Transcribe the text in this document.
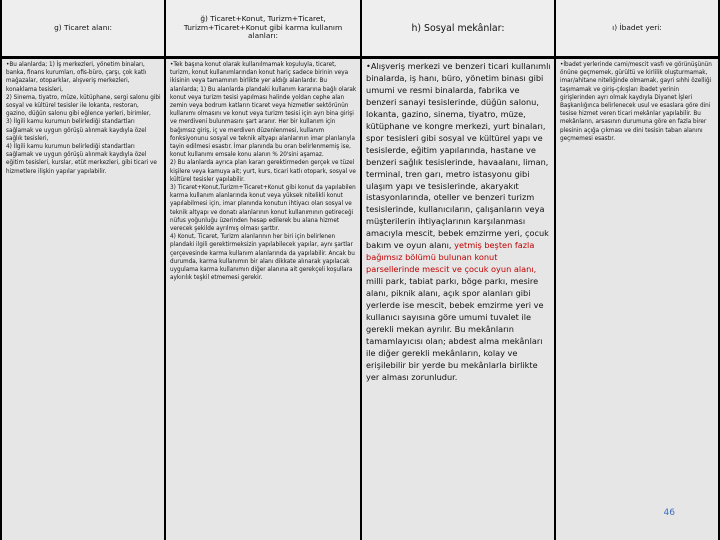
g) Ticaret alanı:

•Bu alanlarda; 1) İş merkezleri, yönetim binaları, banka, finans kurumları, ofis-büro, çarşı, çok katlı mağazalar, otoparklar, alışveriş merkezleri, konaklama tesisleri,
2) Sinema, tiyatro, müze, kütüphane, sergi salonu gibi sosyal ve kültürel tesisler ile lokanta, restoran, gazino, düğün salonu gibi eğlence yerleri, birimler,
3) İlgili kamu kurumun belirlediği standartları sağlamak ve uygun görüşü alınmak kaydıyla özel sağlık tesisleri,
4) İlgili kamu kurumun belirlediği standartları sağlamak ve uygun görüşü alınmak kaydıyla özel eğitim tesisleri, kurslar, etüt merkezleri, gibi ticari ve hizmetlere ilişkin yapılar yapılabilir.

ğ) Ticaret+Konut, Turizm+Ticaret, Turizm+Ticaret+Konut gibi karma kullanım alanları:

•Tek başına konut olarak kullanılmamak koşuluyla, ticaret, turizm, konut kullanımlarından konut hariç sadece birinin veya ikisinin veya tamamının birlikte yer aldığı alanlardır. Bu alanlarda; 1) Bu alanlarda plandaki kullanım kararına bağlı olarak konut veya turizm tesisi yapılması halinde yoldan cephe alan zemin veya bodrum katların ticaret veya hizmetler sektörünün kullanımı olmasını ve konut veya turizm tesisi için ayrı bina girişi ve merdiveni bulunmasını şart aranır. Her bir kullanım için bağımsız giriş, iç ve merdiven düzenlenmesi, kullanım fonksiyonunu sosyal ve teknik altyapı alanlarının imar planlarıyla tayin edilmesi esastır. İmar planında bu oran belirlenmemiş ise, konut kullanımı emsale konu alanın % 20'sini aşamaz.
2) Bu alanlarda ayrıca plan kararı gerektirmeden gerçek ve tüzel kişilere veya kamuya ait; yurt, kurs, ticari katlı otopark, sosyal ve kültürel tesisler yapılabilir.
3) Ticaret+Konut,Turizm+Ticaret+Konut gibi konut da yapılabilen karma kullanım alanlarında konut veya yüksek nitelikli konut yapılabilmesi için, imar planında konutun ihtiyacı olan sosyal ve teknik altyapı ve donatı alanlarının konut kullanımının getireceği nüfus yoğunluğu üzerinden hesap edilerek bu alana hizmet verecek şekilde ayrılmış olması şarttır.
4) Konut, Ticaret, Turizm alanlarının her biri için belirlenen plandaki ilgili gerektirmeksizin yapılabilecek yapılar, aynı şartlar çerçevesinde karma kullanım alanlarında da yapılabilir. Ancak bu durumda, karma kullanımın bir alanı dikkate alınarak yapılacak uygulama karma kullanımın diğer alanına ait gerekçeli koşullara aykırılık teşkil etmemesi gerekir.

h) Sosyal mekânlar:

•Alışveriş merkezi ve benzeri ticari kullanımlı binalarda, iş hanı, büro, yönetim binası gibi umumi ve resmi binalarda, fabrika ve benzeri sanayi tesislerinde, düğün salonu, lokanta, gazino, sinema, tiyatro, müze, kütüphane ve kongre merkezi, yurt binaları, spor tesisleri gibi sosyal ve kültürel yapı ve tesislerde, eğitim yapılarında, hastane ve benzeri sağlık tesislerinde, havaalanı, liman, terminal, tren garı, metro istasyonu gibi ulaşım yapı ve tesislerinde, akaryakıt istasyonlarında, oteller ve benzeri turizm tesislerinde, kullanıcıların, çalışanların veya müşterilerin ihtiyaçlarının karşılanması amacıyla mescit, bebek emzirme yeri, çocuk bakım ve oyun alanı, yetmiş beşten fazla bağımsız bölümü bulunan konut parsellerinde mescit ve çocuk oyun alanı, milli park, tabiat parkı, böge parkı, mesire alanı, piknik alanı, açık spor alanları gibi yerlerde ise mescit, bebek emzirme yeri ve kullanıcı sayısına göre umumi tuvalet ile gerekli mekan ayrılır. Bu mekânların tamamlayıcısı olan; abdest alma mekânları ile diğer gerekli mekânların, kolay ve erişilebilir bir yerde bu mekânlarla birlikte yer alması zorunludur.

ı) İbadet yeri:

•İbadet yerlerinde cami/mescit vasfı ve görünüşünün önüne geçmemek, gürültü ve kirlilik oluşturmamak, imar/ahitane niteliğinde olmamak, gayri sıhhi özelliği taşımamak ve giriş-çıkışları ibadet yerinin girişlerinden ayrı olmak kaydıyla Diyanet İşleri Başkanlığınca belirlenecek usul ve esaslara göre dini tesise hizmet veren ticari mekânlar yapılabilir. Bu mekânların, arsasının durumuna göre en fazla birer plesinin açığa çıkması ve dini tesisin taban alanını geçmemesi esastır.

46
